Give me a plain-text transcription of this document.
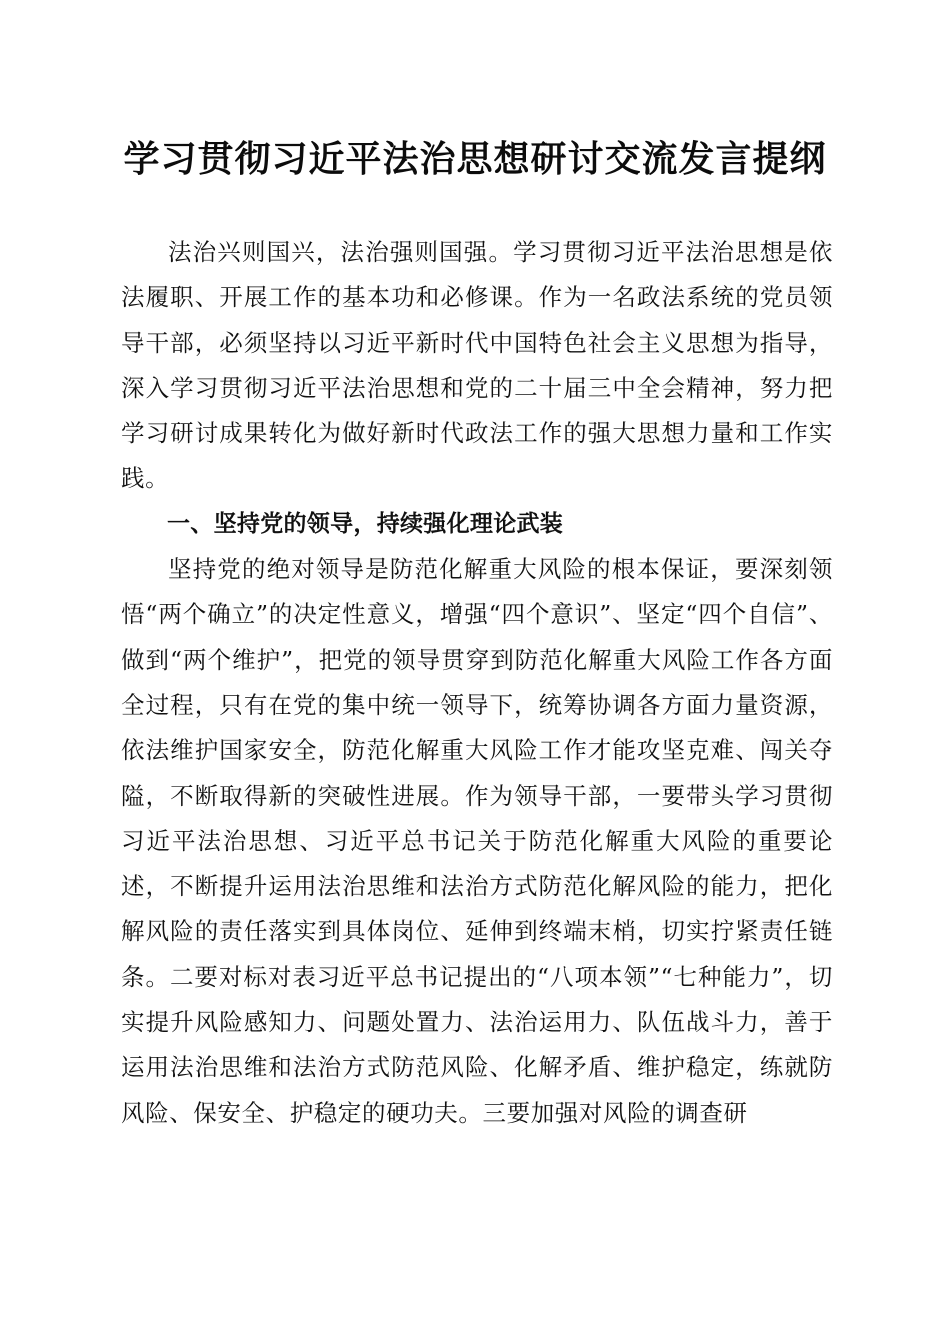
学习贯彻习近平法治思想研讨交流发言提纲

法治兴则国兴，法治强则国强。学习贯彻习近平法治思想是依法履职、开展工作的基本功和必修课。作为一名政法系统的党员领导干部，必须坚持以习近平新时代中国特色社会主义思想为指导，深入学习贯彻习近平法治思想和党的二十届三中全会精神，努力把学习研讨成果转化为做好新时代政法工作的强大思想力量和工作实践。

一、坚持党的领导，持续强化理论武装

坚持党的绝对领导是防范化解重大风险的根本保证，要深刻领悟“两个确立”的决定性意义，增强“四个意识”、坚定“四个自信”、做到“两个维护”，把党的领导贯穿到防范化解重大风险工作各方面全过程，只有在党的集中统一领导下，统筹协调各方面力量资源，依法维护国家安全，防范化解重大风险工作才能攻坚克难、闯关夺隘，不断取得新的突破性进展。作为领导干部，一要带头学习贯彻习近平法治思想、习近平总书记关于防范化解重大风险的重要论述，不断提升运用法治思维和法治方式防范化解风险的能力，把化解风险的责任落实到具体岗位、延伸到终端末梢，切实拧紧责任链条。二要对标对表习近平总书记提出的“八项本领”“七种能力”，切实提升风险感知力、问题处置力、法治运用力、队伍战斗力，善于运用法治思维和法治方式防范风险、化解矛盾、维护稳定，练就防风险、保安全、护稳定的硬功夫。三要加强对风险的调查研
